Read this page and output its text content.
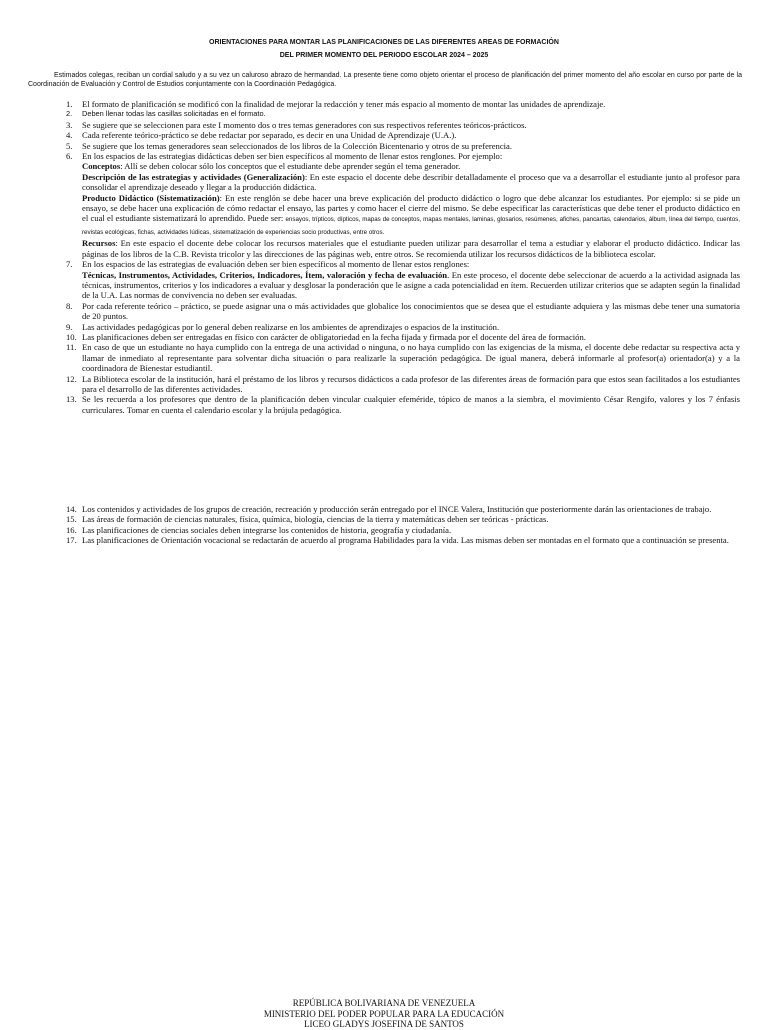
ORIENTACIONES PARA MONTAR LAS PLANIFICACIONES DE LAS DIFERENTES AREAS DE FORMACIÓN
DEL PRIMER MOMENTO DEL PERIODO ESCOLAR 2024 – 2025

Estimados colegas, reciban un cordial saludo y a su vez un caluroso abrazo de hermandad. La presente tiene como objeto orientar el proceso de planificación del primer momento del año escolar en curso por parte de la Coordinación de Evaluación y Control de Estudios conjuntamente con la Coordinación Pedagógica.

1.	El formato de planificación se modificó con la finalidad de mejorar la redacción y tener más espacio al momento de montar las unidades de aprendizaje.
2.	Deben llenar todas las casillas solicitadas en el formato.
3.	Se sugiere que se seleccionen para este I momento dos o tres temas generadores con sus respectivos referentes teóricos-prácticos.
4.	Cada referente teórico-práctico se debe redactar por separado, es decir en una Unidad de Aprendizaje (U.A.).
5.	Se sugiere que los temas generadores sean seleccionados de los libros de la Colección Bicentenario y otros de su preferencia.
6.	En los espacios de las estrategias didácticas deben ser bien específicos al momento de llenar estos renglones. Por ejemplo:
Conceptos: Allí se deben colocar sólo los conceptos que el estudiante debe aprender según el tema generador.
Descripción de las estrategias y actividades (Generalización): En este espacio el docente debe describir detalladamente el proceso que va a desarrollar el estudiante junto al profesor para consolidar el aprendizaje deseado y llegar a la producción didáctica.
Producto Didáctico (Sistematización): En este renglón se debe hacer una breve explicación del producto didáctico o logro que debe alcanzar los estudiantes. Por ejemplo: si se pide un ensayo, se debe hacer una explicación de cómo redactar el ensayo, las partes y como hacer el cierre del mismo. Se debe especificar las características que debe tener el producto didáctico en el cual el estudiante sistematizará lo aprendido. Puede ser: ensayos, trípticos, dípticos, mapas de conceptos, mapas mentales, laminas, glosarios, resúmenes, afiches, pancartas, calendarios, álbum, línea del tiempo, cuentos, revistas ecológicas, fichas, actividades lúdicas, sistematización de experiencias socio productivas, entre otros.
Recursos: En este espacio el docente debe colocar los recursos materiales que el estudiante pueden utilizar para desarrollar el tema a estudiar y elaborar el producto didáctico. Indicar las páginas de los libros de la C.B. Revista tricolor y las direcciones de las páginas web, entre otros. Se recomienda utilizar los recursos didácticos de la biblioteca escolar.
7.	En los espacios de las estrategias de evaluación deben ser bien específicos al momento de llenar estos renglones:
Técnicas, Instrumentos, Actividades, Criterios, Indicadores, Ítem, valoración y fecha de evaluación. En este proceso, el docente debe seleccionar de acuerdo a la actividad asignada las técnicas, instrumentos, criterios y los indicadores a evaluar y desglosar la ponderación que le asigne a cada potencialidad en ítem. Recuerden utilizar criterios que se adapten según la finalidad de la U.A. Las normas de convivencia no deben ser evaluadas.
8.	Por cada referente teórico – práctico, se puede asignar una o más actividades que globalice los conocimientos que se desea que el estudiante adquiera y las mismas debe tener una sumatoria de 20 puntos.
9.	Las actividades pedagógicas por lo general deben realizarse en los ambientes de aprendizajes o espacios de la institución.
10. Las planificaciones deben ser entregadas en físico con carácter de obligatoriedad en la fecha fijada y firmada por el docente del área de formación.
11. En caso de que un estudiante no haya cumplido con la entrega de una actividad o ninguna, o no haya cumplido con las exigencias de la misma, el docente debe redactar su respectiva acta y llamar de inmediato al representante para solventar dicha situación o para realizarle la superación pedagógica. De igual manera, deberá informarle al profesor(a) orientador(a) y a la coordinadora de Bienestar estudiantil.
12. La Biblioteca escolar de la institución, hará el préstamo de los libros y recursos didácticos a cada profesor de las diferentes áreas de formación para que estos sean facilitados a los estudiantes para el desarrollo de las diferentes actividades.
13. Se les recuerda a los profesores que dentro de la planificación deben vincular cualquier efeméride, tópico de manos a la siembra, el movimiento César Rengifo, valores y los 7 énfasis curriculares. Tomar en cuenta el calendario escolar y la brújula pedagógica.
14. Los contenidos y actividades de los grupos de creación, recreación y producción serán entregado por el INCE Valera, Institución que posteriormente darán las orientaciones de trabajo.
15. Las áreas de formación de ciencias naturales, física, química, biología, ciencias de la tierra y matemáticas deben ser teóricas - prácticas.
16. Las planificaciones de ciencias sociales deben integrarse los contenidos de historia, geografía y ciudadanía.
17. Las planificaciones de Orientación vocacional se redactarán de acuerdo al programa Habilidades para la vida. Las mismas deben ser montadas en el formato que a continuación se presenta.
REPÚBLICA BOLIVARIANA DE VENEZUELA
MINISTERIO DEL PODER POPULAR PARA LA EDUCACIÓN
LICEO GLADYS JOSEFINA DE SANTOS
